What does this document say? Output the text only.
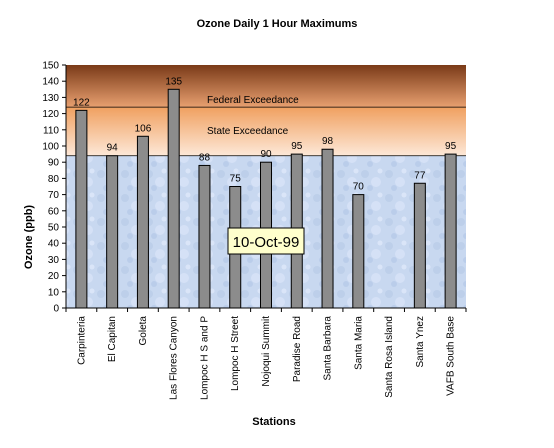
Ozone Daily 1 Hour Maximums
Federal Exceedance
State Exceedance
122
94
106
135
88
75
90
95 98
70
77
95
0
10
20
30
40
50
60
70
80
90
100
110
120
130
140
150
Carpinteria El Capitan Goleta Las Flores Canyon Lompoc H S and P Lompoc H Street Nojoqui Summit Paradise Road Santa Barbara Santa Maria Santa Rosa Island Santa Ynez VAFB South Base
Ozone (ppb)
Stations
10-Oct-99
